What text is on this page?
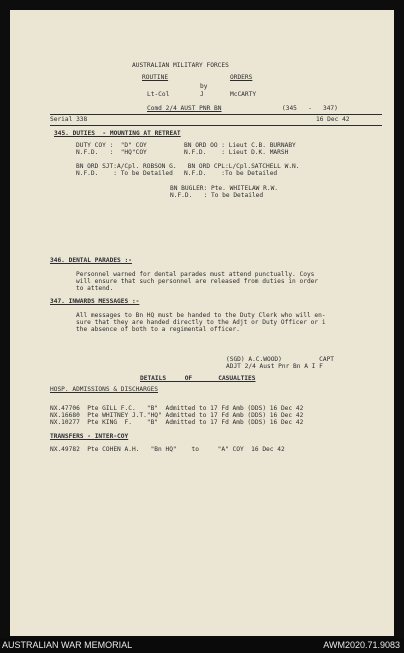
AUSTRALIAN MILITARY FORCES

ROUTINE

	ORDERS

by

Lt-Col

	J

	McCARTY

Comd 2/4 AUST PNR BN

	(345   -   347)

Serial 338

	16 Dec 42

345. DUTIES  - MOUNTING AT RETREAT

DUTY COY :  "D" COY          BN ORD OO : Lieut C.B. BURNABY

N.F.D.   :  "HQ"COY          N.F.D.    : Lieut D.K. MARSH

BN ORD SJT:A/Cpl. ROBSON G.   BN ORD CPL:L/Cpl.SATCHELL W.N.

N.F.D.    : To be Detailed   N.F.D.    :To be Detailed

BN BUGLER: Pte. WHITELAW R.W.

N.F.D.   : To be Detailed

346. DENTAL PARADES :-

Personnel warned for dental parades must attend punctually. Coys

will ensure that such personnel are released from duties in order

to attend.

347. INWARDS MESSAGES :-

All messages to Bn HQ must be handed to the Duty Clerk who will en-

sure that they are handed directly to the Adjt or Duty Officer or i

the absence of both to a regimental officer.

(SGD) A.C.WOOD)          CAPT

ADJT 2/4 Aust Pnr Bn A I F

DETAILS     OF       CASUALTIES

HOSP. ADMISSIONS & DISCHARGES

NX.47706  Pte GILL F.C.   "B"  Admitted to 17 Fd Amb (DDS) 16 Dec 42

NX.16680  Pte WHITNEY J.T."HQ" Admitted to 17 Fd Amb (DDS) 16 Dec 42

NX.10277  Pte KING  F.    "B"  Admitted to 17 Fd Amb (DDS) 16 Dec 42

TRANSFERS - INTER-COY

NX.49782  Pte COHEN A.H.   "Bn HQ"    to     "A" COY  16 Dec 42

AUSTRALIAN WAR MEMORIAL	AWM2020.71.9083
